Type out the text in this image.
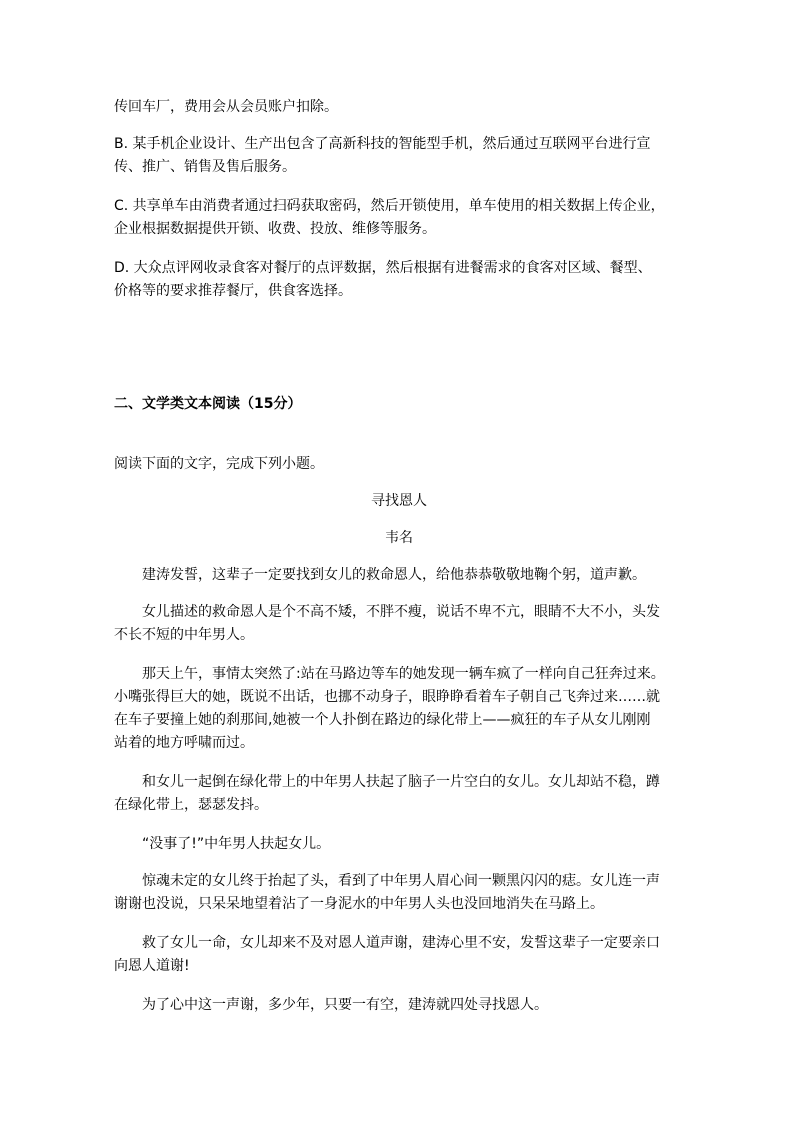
传回车厂，费用会从会员账户扣除。

B. 某手机企业设计、生产出包含了高新科技的智能型手机，然后通过互联网平台进行宣
传、推广、销售及售后服务。

C. 共享单车由消费者通过扫码获取密码，然后开锁使用，单车使用的相关数据上传企业，
企业根据数据提供开锁、收费、投放、维修等服务。

D. 大众点评网收录食客对餐厅的点评数据，然后根据有进餐需求的食客对区域、餐型、
价格等的要求推荐餐厅，供食客选择。

二、文学类文本阅读（15分）

阅读下面的文字，完成下列小题。

寻找恩人

韦名

　　建涛发誓，这辈子一定要找到女儿的救命恩人，给他恭恭敬敬地鞠个躬，道声歉。

　　女儿描述的救命恩人是个不高不矮，不胖不瘦，说话不卑不亢，眼睛不大不小，头发
不长不短的中年男人。

　　那天上午，事情太突然了:站在马路边等车的她发现一辆车疯了一样向自己狂奔过来。
小嘴张得巨大的她，既说不出话，也挪不动身子，眼睁睁看着车子朝自己飞奔过来……就
在车子要撞上她的刹那间,她被一个人扑倒在路边的绿化带上——疯狂的车子从女儿刚刚
站着的地方呼啸而过。

　　和女儿一起倒在绿化带上的中年男人扶起了脑子一片空白的女儿。女儿却站不稳，蹲
在绿化带上，瑟瑟发抖。

　　“没事了!”中年男人扶起女儿。

　　惊魂未定的女儿终于抬起了头，看到了中年男人眉心间一颗黑闪闪的痣。女儿连一声
谢谢也没说，只呆呆地望着沾了一身泥水的中年男人头也没回地消失在马路上。

　　救了女儿一命，女儿却来不及对恩人道声谢，建涛心里不安，发誓这辈子一定要亲口
向恩人道谢!

　　为了心中这一声谢，多少年，只要一有空，建涛就四处寻找恩人。
